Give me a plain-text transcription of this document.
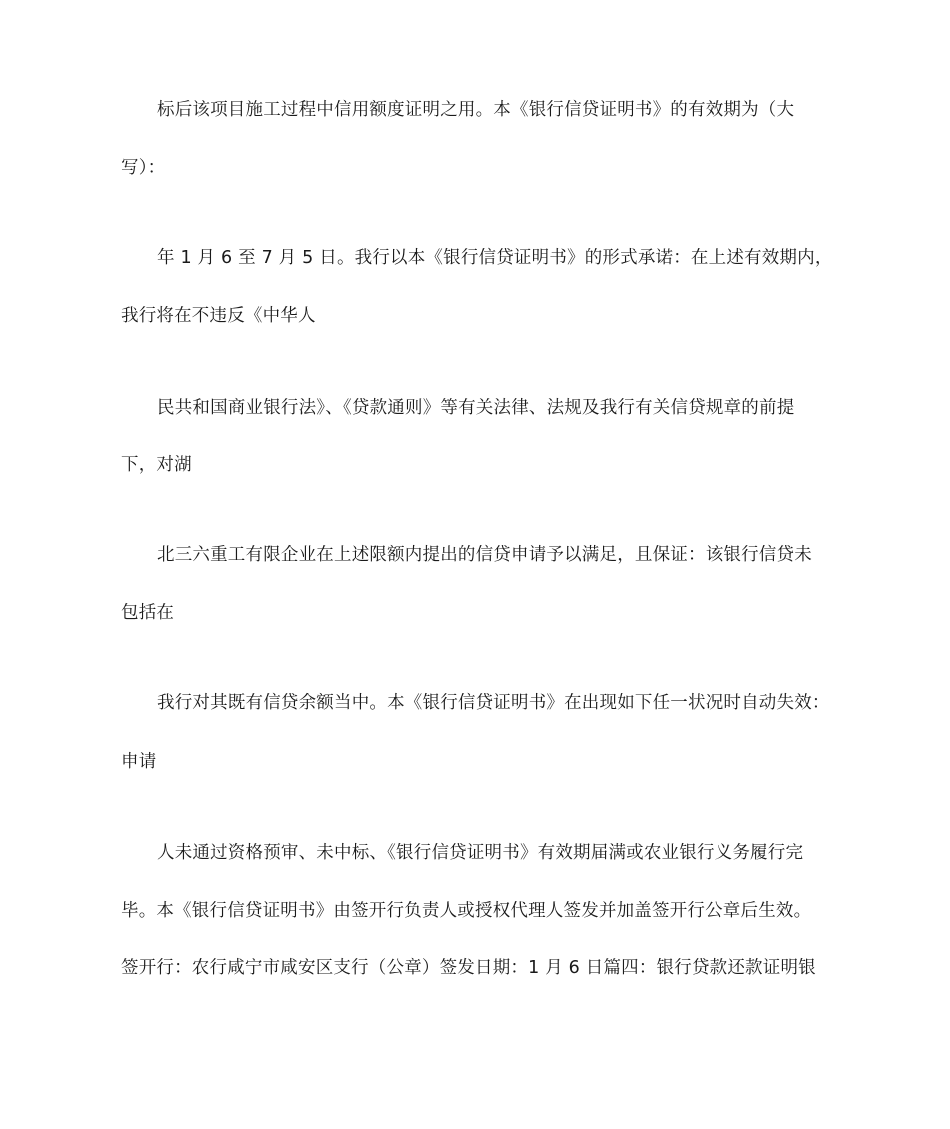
标后该项目施工过程中信用额度证明之用。本《银行信贷证明书》的有效期为（大
写）：
年 1 月 6 至 7 月 5 日。我行以本《银行信贷证明书》的形式承诺：在上述有效期内，
我行将在不违反《中华人
民共和国商业银行法》、《贷款通则》等有关法律、法规及我行有关信贷规章的前提
下，对湖
北三六重工有限企业在上述限额内提出的信贷申请予以满足，且保证：该银行信贷未
包括在
我行对其既有信贷余额当中。本《银行信贷证明书》在出现如下任一状况时自动失效：
申请
人未通过资格预审、未中标、《银行信贷证明书》有效期届满或农业银行义务履行完
毕。本《银行信贷证明书》由签开行负责人或授权代理人签发并加盖签开行公章后生效。
签开行：农行咸宁市咸安区支行（公章）签发日期：1 月 6 日篇四：银行贷款还款证明银
